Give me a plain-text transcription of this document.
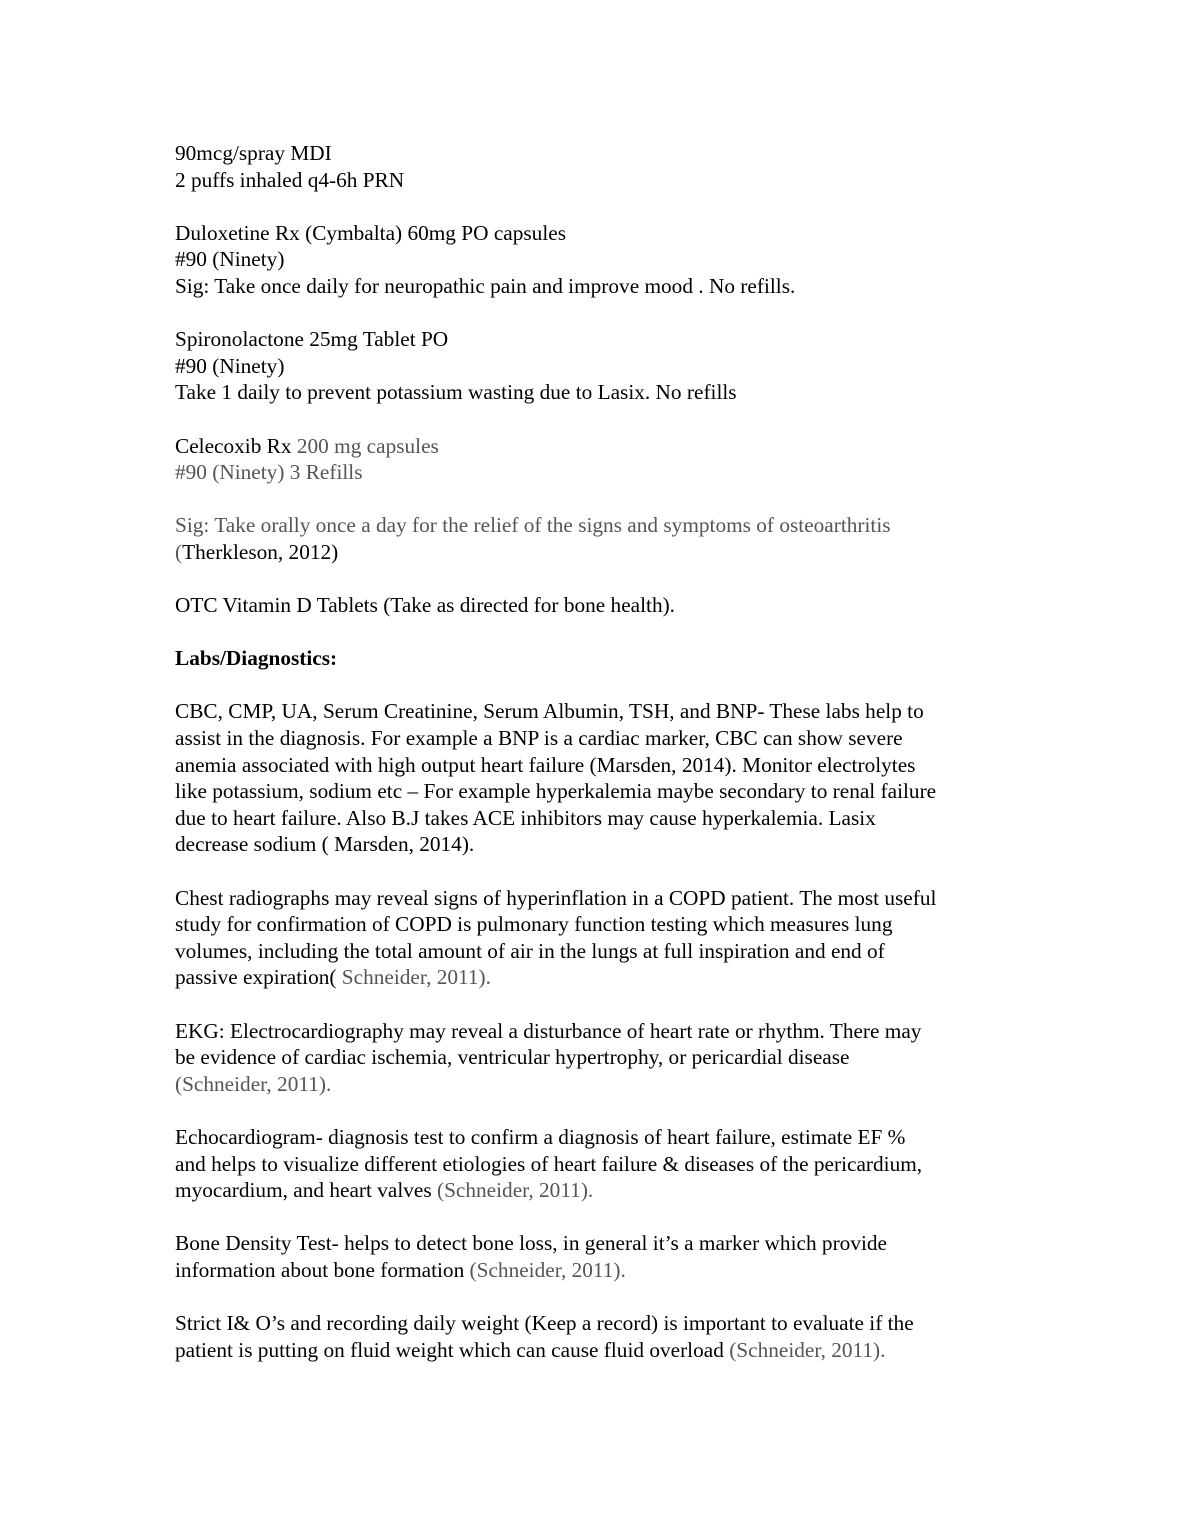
90mcg/spray MDI
2 puffs inhaled q4-6h PRN
Duloxetine Rx (Cymbalta) 60mg PO capsules
#90 (Ninety)
Sig: Take once daily for neuropathic pain and improve mood . No refills.
Spironolactone 25mg Tablet PO
#90 (Ninety)
Take 1 daily to prevent potassium wasting due to Lasix. No refills
Celecoxib Rx 200 mg capsules
#90 (Ninety) 3 Refills
Sig: Take orally once a day for the relief of the signs and symptoms of osteoarthritis
(Therkleson, 2012)
OTC Vitamin D Tablets (Take as directed for bone health).
Labs/Diagnostics:
CBC, CMP, UA, Serum Creatinine, Serum Albumin, TSH, and BNP- These labs help to
assist in the diagnosis. For example a BNP is a cardiac marker, CBC can show severe
anemia associated with high output heart failure (Marsden, 2014). Monitor electrolytes
like potassium, sodium etc – For example hyperkalemia maybe secondary to renal failure
due to heart failure. Also B.J takes ACE inhibitors may cause hyperkalemia. Lasix
decrease sodium ( Marsden, 2014).
Chest radiographs may reveal signs of hyperinflation in a COPD patient. The most useful
study for confirmation of COPD is pulmonary function testing which measures lung
volumes, including the total amount of air in the lungs at full inspiration and end of
passive expiration( Schneider, 2011).
EKG: Electrocardiography may reveal a disturbance of heart rate or rhythm. There may
be evidence of cardiac ischemia, ventricular hypertrophy, or pericardial disease
(Schneider, 2011).
Echocardiogram- diagnosis test to confirm a diagnosis of heart failure, estimate EF %
and helps to visualize different etiologies of heart failure & diseases of the pericardium,
myocardium, and heart valves (Schneider, 2011).
Bone Density Test- helps to detect bone loss, in general it’s a marker which provide
information about bone formation (Schneider, 2011).
Strict I& O’s and recording daily weight (Keep a record) is important to evaluate if the
patient is putting on fluid weight which can cause fluid overload (Schneider, 2011).
